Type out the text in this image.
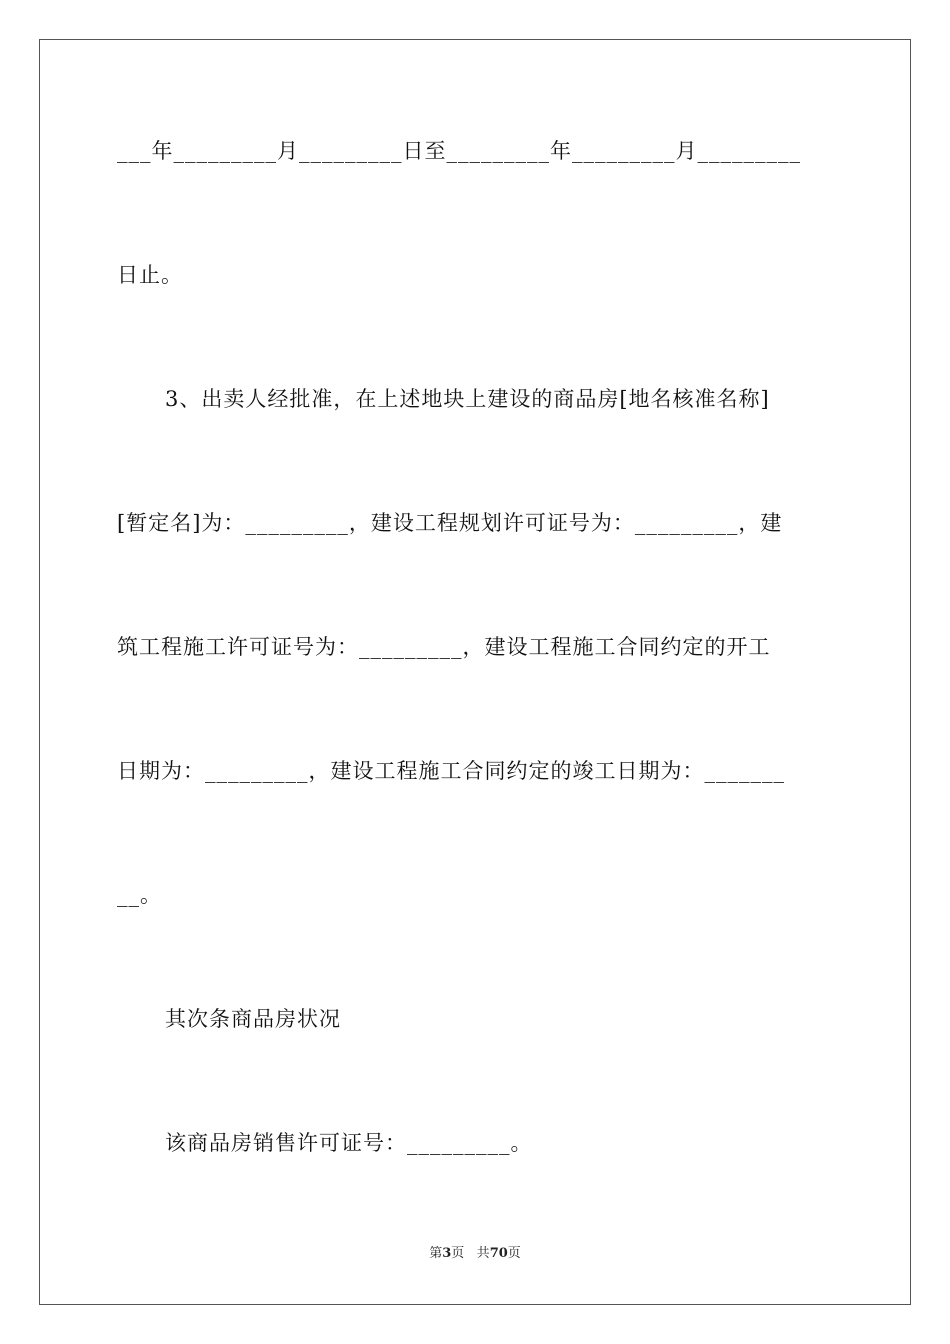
___年_________月_________日至_________年_________月_________
日止。
3、出卖人经批准，在上述地块上建设的商品房[地名核准名称]
[暂定名]为：_________，建设工程规划许可证号为：_________，建
筑工程施工许可证号为：_________，建设工程施工合同约定的开工
日期为：_________，建设工程施工合同约定的竣工日期为：_______
__。
其次条商品房状况
该商品房销售许可证号：_________。
第3页 共70页
